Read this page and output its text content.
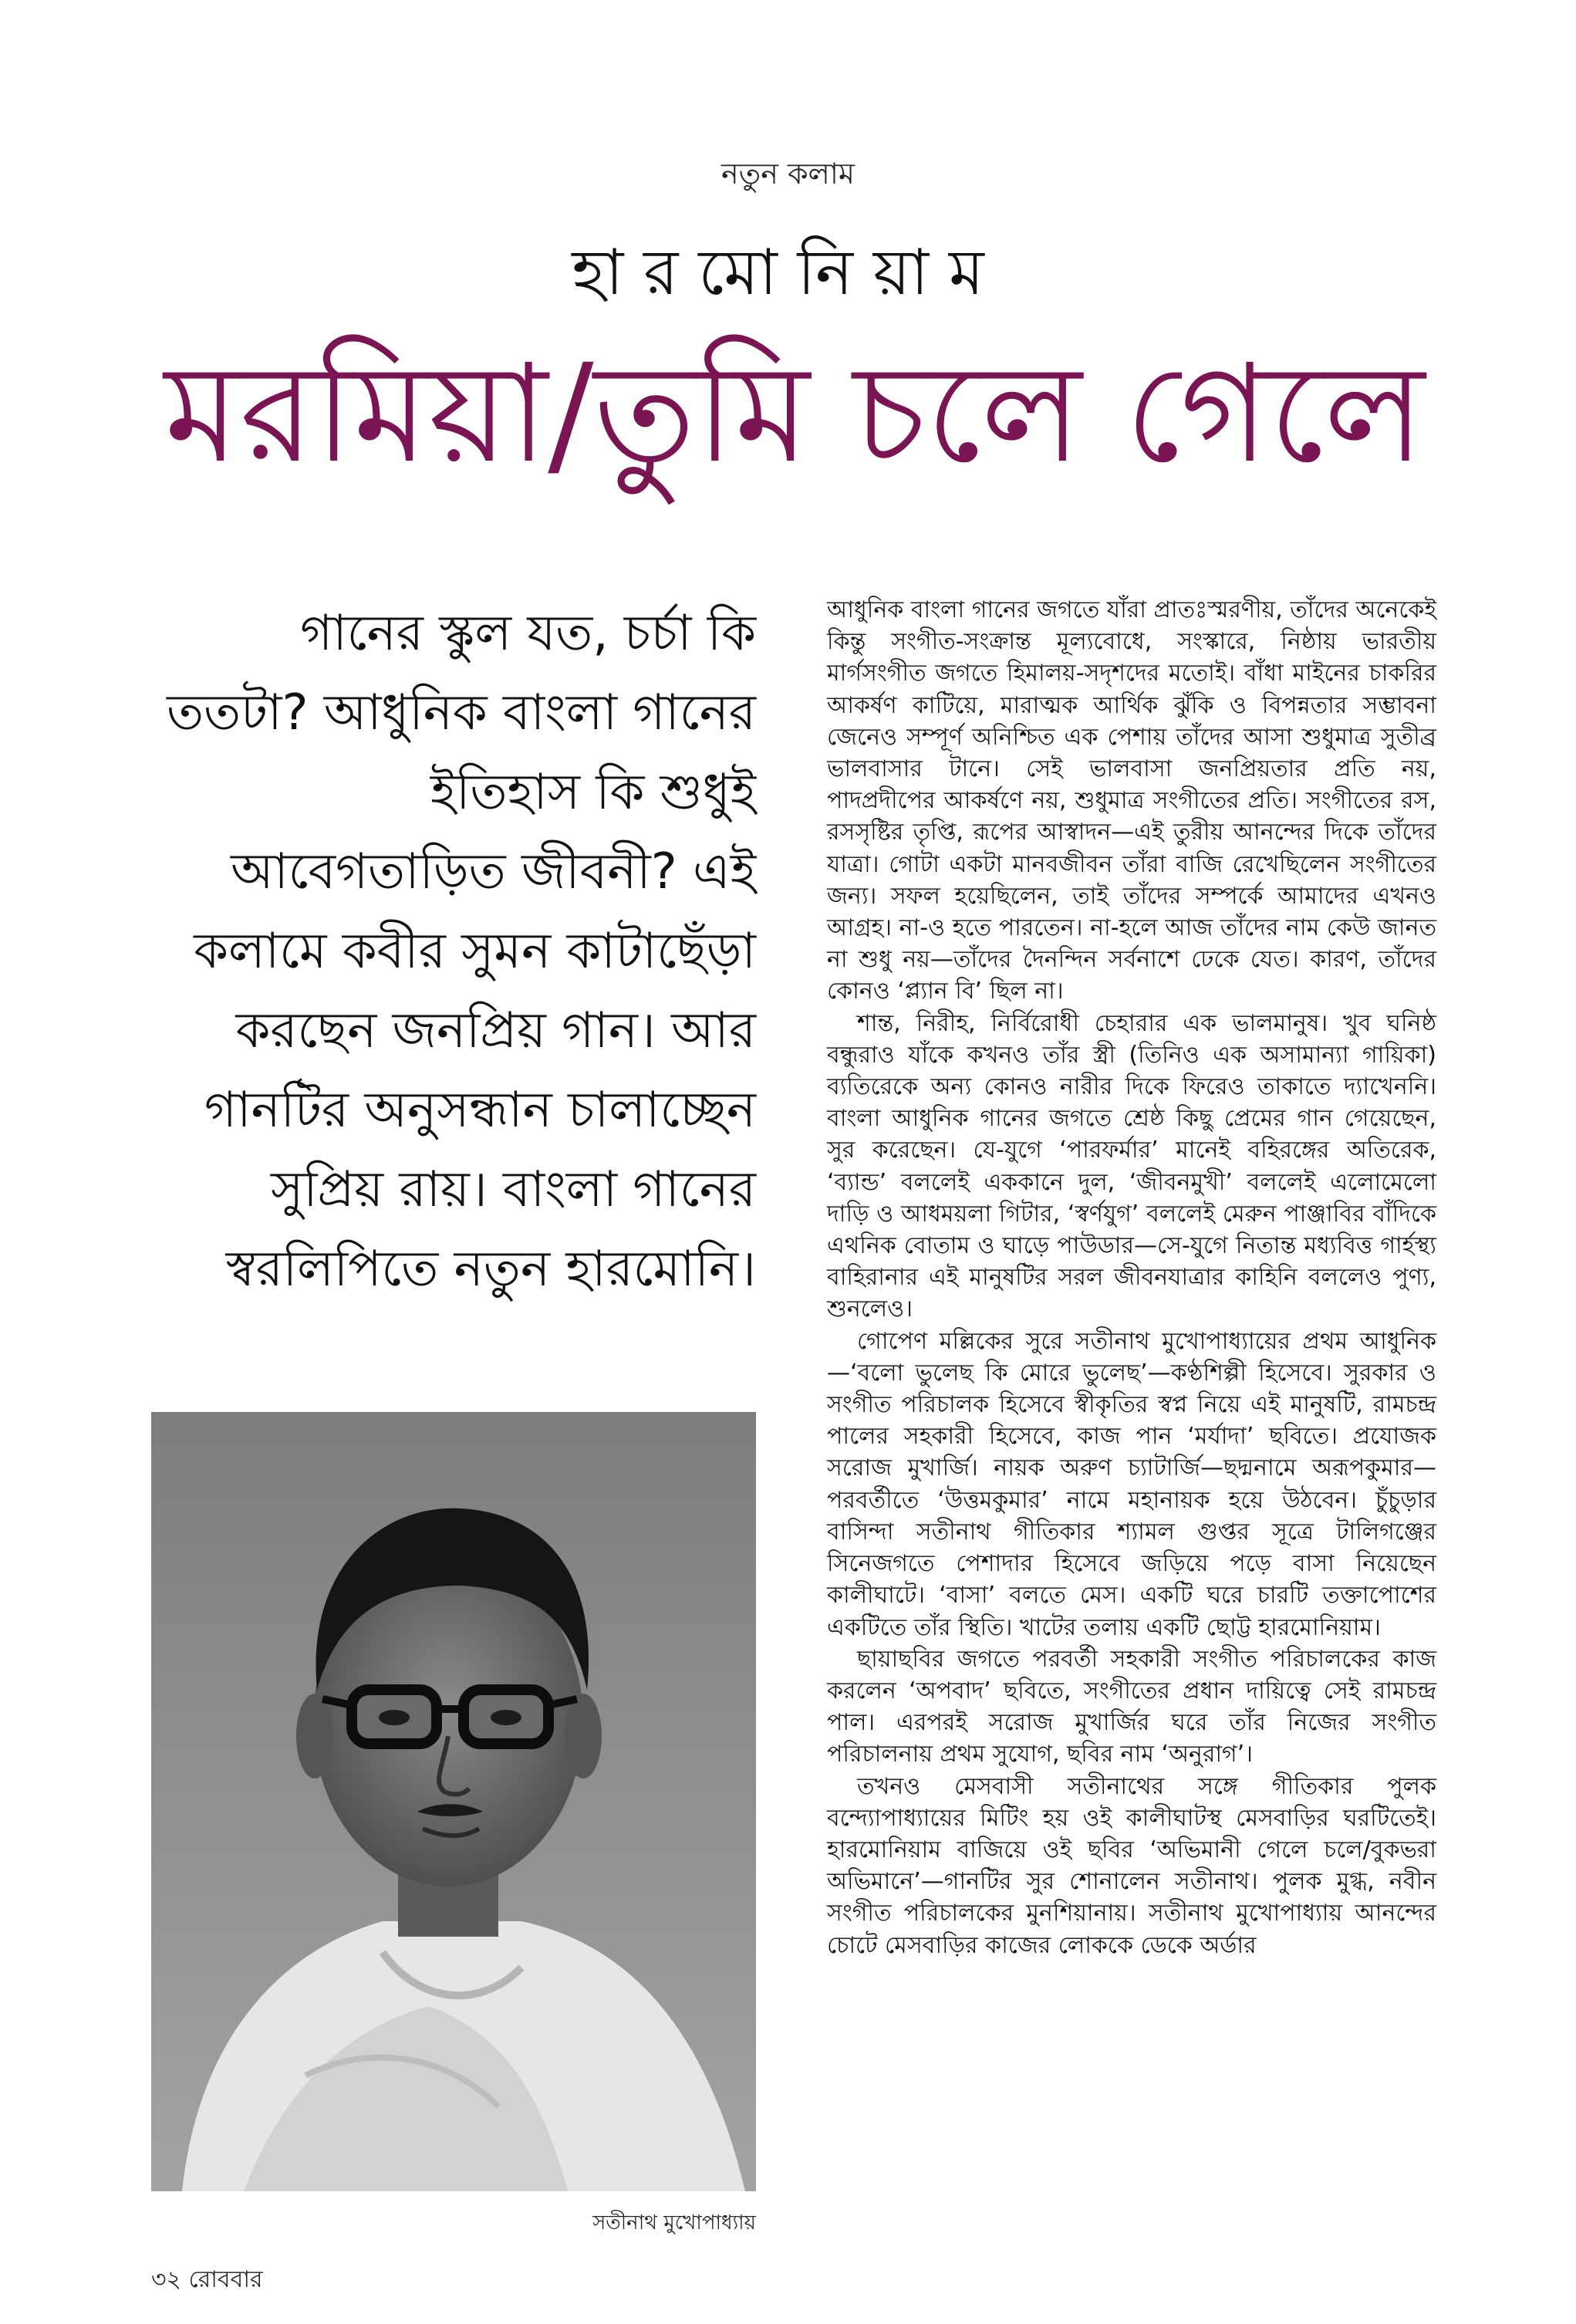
নতুন কলাম
হারমোনিয়াম
মরমিয়া/তুমি চলে গেলে
গানের স্কুল যত, চর্চা কি ততটা? আধুনিক বাংলা গানের ইতিহাস কি শুধুই আবেগতাড়িত জীবনী? এই কলামে কবীর সুমন কাটাছেঁড়া করছেন জনপ্রিয় গান। আর গানটির অনুসন্ধান চালাচ্ছেন সুপ্রিয় রায়। বাংলা গানের স্বরলিপিতে নতুন হারমোনি।
সতীনাথ মুখোপাধ্যায়

আধুনিক বাংলা গানের জগতে যাঁরা প্রাতঃস্মরণীয়, তাঁদের অনেকেই কিন্তু সংগীত-সংক্রান্ত মূল্যবোধে, সংস্কারে, নিষ্ঠায় ভারতীয় মার্গসংগীত জগতে হিমালয়-সদৃশদের মতোই। বাঁধা মাইনের চাকরির আকর্ষণ কাটিয়ে, মারাত্মক আর্থিক ঝুঁকি ও বিপন্নতার সম্ভাবনা জেনেও সম্পূর্ণ অনিশ্চিত এক পেশায় তাঁদের আসা শুধুমাত্র সুতীব্র ভালবাসার টানে। সেই ভালবাসা জনপ্রিয়তার প্রতি নয়, পাদপ্রদীপের আকর্ষণে নয়, শুধুমাত্র সংগীতের প্রতি। সংগীতের রস, রসসৃষ্টির তৃপ্তি, রূপের আস্বাদন—এই তুরীয় আনন্দের দিকে তাঁদের যাত্রা। গোটা একটা মানবজীবন তাঁরা বাজি রেখেছিলেন সংগীতের জন্য। সফল হয়েছিলেন, তাই তাঁদের সম্পর্কে আমাদের এখনও আগ্রহ। না-ও হতে পারতেন। না-হলে আজ তাঁদের নাম কেউ জানত না শুধু নয়—তাঁদের দৈনন্দিন সর্বনাশে ঢেকে যেত। কারণ, তাঁদের কোনও ‘প্ল্যান বি’ ছিল না।

শান্ত, নিরীহ, নির্বিরোধী চেহারার এক ভালমানুষ। খুব ঘনিষ্ঠ বন্ধুরাও যাঁকে কখনও তাঁর স্ত্রী (তিনিও এক অসামান্যা গায়িকা) ব্যতিরেকে অন্য কোনও নারীর দিকে ফিরেও তাকাতে দ্যাখেননি। বাংলা আধুনিক গানের জগতে শ্রেষ্ঠ কিছু প্রেমের গান গেয়েছেন, সুর করেছেন। যে-যুগে ‘পারফর্মার’ মানেই বহিরঙ্গের অতিরেক, ‘ব্যান্ড’ বললেই এককানে দুল, ‘জীবনমুখী’ বললেই এলোমেলো দাড়ি ও আধময়লা গিটার, ‘স্বর্ণযুগ’ বললেই মেরুন পাঞ্জাবির বাঁদিকে এথনিক বোতাম ও ঘাড়ে পাউডার—সে-যুগে নিতান্ত মধ্যবিত্ত গার্হস্থ্য বাহিরানার এই মানুষটির সরল জীবনযাত্রার কাহিনি বললেও পুণ্য, শুনলেও।

গোপেণ মল্লিকের সুরে সতীনাথ মুখোপাধ্যায়ের প্রথম আধুনিক—‘বলো ভুলেছ কি মোরে ভুলেছ’—কণ্ঠশিল্পী হিসেবে। সুরকার ও সংগীত পরিচালক হিসেবে স্বীকৃতির স্বপ্ন নিয়ে এই মানুষটি, রামচন্দ্র পালের সহকারী হিসেবে, কাজ পান ‘মর্যাদা’ ছবিতে। প্রযোজক সরোজ মুখার্জি। নায়ক অরুণ চ্যাটার্জি—ছদ্মনামে অরূপকুমার—পরবর্তীতে ‘উত্তমকুমার’ নামে মহানায়ক হয়ে উঠবেন। চুঁচুড়ার বাসিন্দা সতীনাথ গীতিকার শ্যামল গুপ্তর সূত্রে টালিগঞ্জের সিনেজগতে পেশাদার হিসেবে জড়িয়ে পড়ে বাসা নিয়েছেন কালীঘাটে। ‘বাসা’ বলতে মেস। একটি ঘরে চারটি তক্তাপোশের একটিতে তাঁর স্থিতি। খাটের তলায় একটি ছোট্ট হারমোনিয়াম।

ছায়াছবির জগতে পরবর্তী সহকারী সংগীত পরিচালকের কাজ করলেন ‘অপবাদ’ ছবিতে, সংগীতের প্রধান দায়িত্বে সেই রামচন্দ্র পাল। এরপরই সরোজ মুখার্জির ঘরে তাঁর নিজের সংগীত পরিচালনায় প্রথম সুযোগ, ছবির নাম ‘অনুরাগ’।

তখনও মেসবাসী সতীনাথের সঙ্গে গীতিকার পুলক বন্দ্যোপাধ্যায়ের মিটিং হয় ওই কালীঘাটস্থ মেসবাড়ির ঘরটিতেই। হারমোনিয়াম বাজিয়ে ওই ছবির ‘অভিমানী গেলে চলে/বুকভরা অভিমানে’—গানটির সুর শোনালেন সতীনাথ। পুলক মুগ্ধ, নবীন সংগীত পরিচালকের মুনশিয়ানায়। সতীনাথ মুখোপাধ্যায় আনন্দের চোটে মেসবাড়ির কাজের লোককে ডেকে অর্ডার

৩২ রোববার
